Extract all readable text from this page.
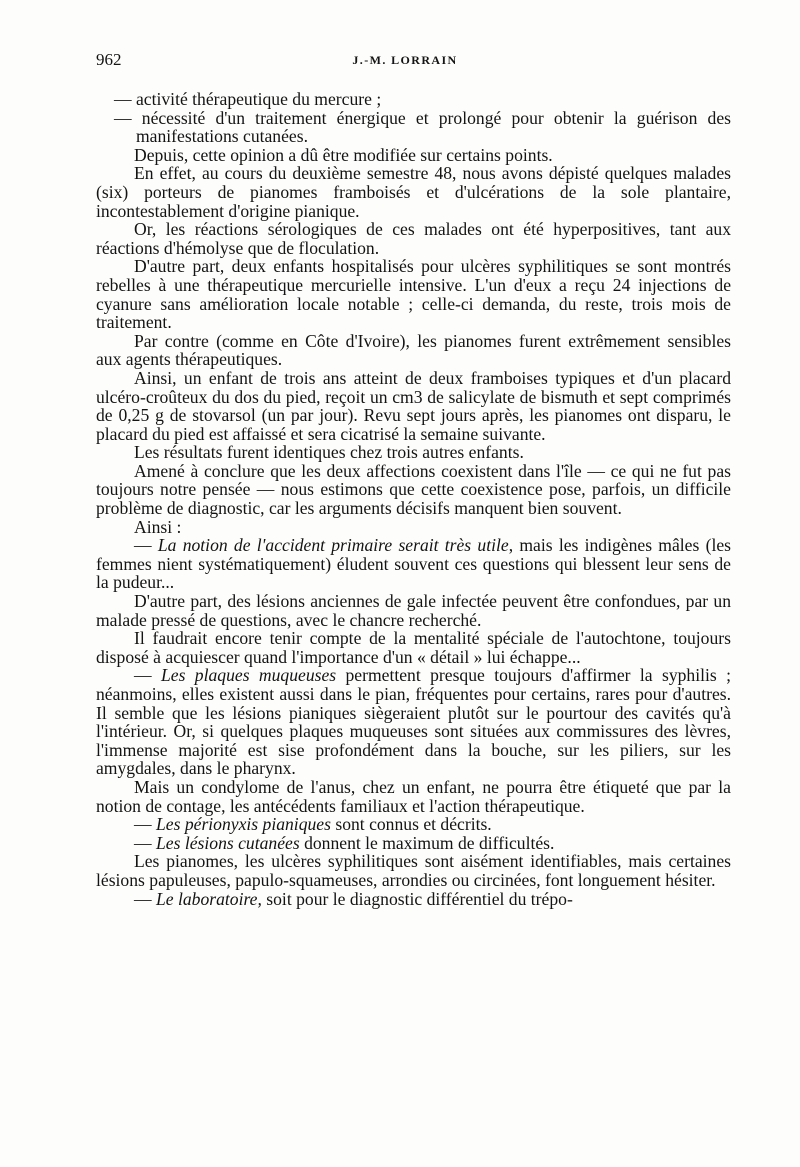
962	J.-M. LORRAIN

— activité thérapeutique du mercure ;

— nécessité d'un traitement énergique et prolongé pour obtenir la guérison des manifestations cutanées.

Depuis, cette opinion a dû être modifiée sur certains points.

En effet, au cours du deuxième semestre 48, nous avons dépisté quelques malades (six) porteurs de pianomes framboisés et d'ulcérations de la sole plantaire, incontestablement d'origine pianique.

Or, les réactions sérologiques de ces malades ont été hyperpositives, tant aux réactions d'hémolyse que de floculation.

D'autre part, deux enfants hospitalisés pour ulcères syphilitiques se sont montrés rebelles à une thérapeutique mercurielle intensive. L'un d'eux a reçu 24 injections de cyanure sans amélioration locale notable ; celle-ci demanda, du reste, trois mois de traitement.

Par contre (comme en Côte d'Ivoire), les pianomes furent extrêmement sensibles aux agents thérapeutiques.

Ainsi, un enfant de trois ans atteint de deux framboises typiques et d'un placard ulcéro-croûteux du dos du pied, reçoit un cm3 de salicylate de bismuth et sept comprimés de 0,25 g de stovarsol (un par jour). Revu sept jours après, les pianomes ont disparu, le placard du pied est affaissé et sera cicatrisé la semaine suivante.

Les résultats furent identiques chez trois autres enfants.

Amené à conclure que les deux affections coexistent dans l'île — ce qui ne fut pas toujours notre pensée — nous estimons que cette coexistence pose, parfois, un difficile problème de diagnostic, car les arguments décisifs manquent bien souvent.

Ainsi :

— La notion de l'accident primaire serait très utile, mais les indigènes mâles (les femmes nient systématiquement) éludent souvent ces questions qui blessent leur sens de la pudeur...

D'autre part, des lésions anciennes de gale infectée peuvent être confondues, par un malade pressé de questions, avec le chancre recherché.

Il faudrait encore tenir compte de la mentalité spéciale de l'autochtone, toujours disposé à acquiescer quand l'importance d'un « détail » lui échappe...

— Les plaques muqueuses permettent presque toujours d'affirmer la syphilis ; néanmoins, elles existent aussi dans le pian, fréquentes pour certains, rares pour d'autres. Il semble que les lésions pianiques siègeraient plutôt sur le pourtour des cavités qu'à l'intérieur. Or, si quelques plaques muqueuses sont situées aux commissures des lèvres, l'immense majorité est sise profondément dans la bouche, sur les piliers, sur les amygdales, dans le pharynx.

Mais un condylome de l'anus, chez un enfant, ne pourra être étiqueté que par la notion de contage, les antécédents familiaux et l'action thérapeutique.

— Les périonyxis pianiques sont connus et décrits.

— Les lésions cutanées donnent le maximum de difficultés.

Les pianomes, les ulcères syphilitiques sont aisément identifiables, mais certaines lésions papuleuses, papulo-squameuses, arrondies ou circinées, font longuement hésiter.

— Le laboratoire, soit pour le diagnostic différentiel du trépo-
